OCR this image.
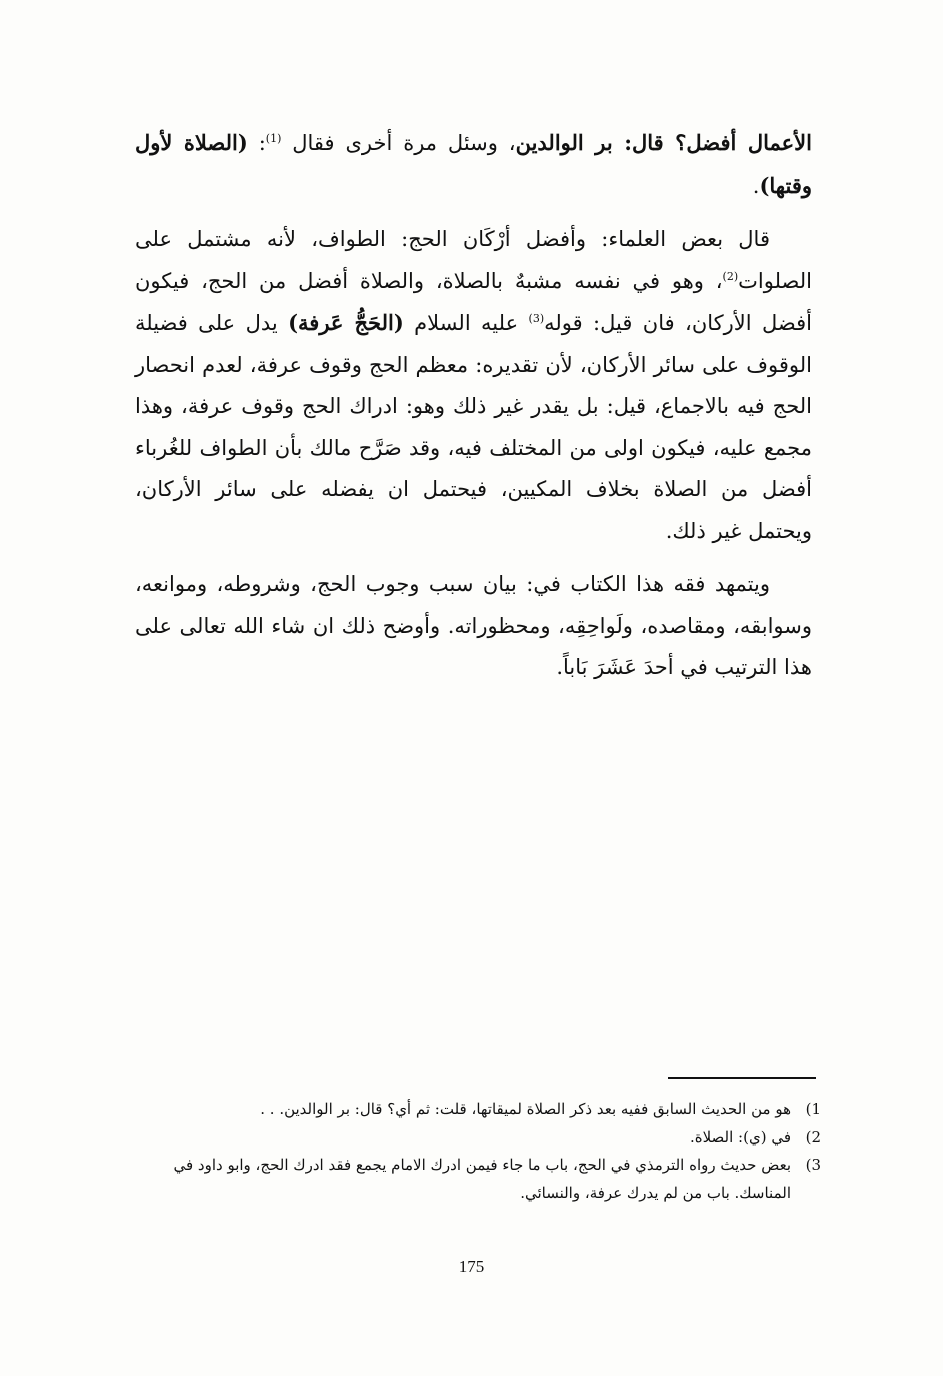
الأعمال أفضل؟ قال: بر الوالدين، وسئل مرة أخرى فقال $^{(1)}$: (الصلاة لأول وقتها).

قال بعض العلماء: وأفضل أرْكَان الحج: الطواف، لأنه مشتمل على الصلوات$^{(2)}$، وهو في نفسه مشبهٌ بالصلاة، والصلاة أفضل من الحج، فيكون أفضل الأركان، فان قيل: قوله$^{(3)}$ عليه السلام (الحَجُّ عَرفة) يدل على فضيلة الوقوف على سائر الأركان، لأن تقديره: معظم الحج وقوف عرفة، لعدم انحصار الحج فيه بالاجماع، قيل: بل يقدر غير ذلك وهو: ادراك الحج وقوف عرفة، وهذا مجمع عليه، فيكون اولى من المختلف فيه، وقد صَرَّح مالك بأن الطواف للغُرباء أفضل من الصلاة بخلاف المكيين، فيحتمل ان يفضله على سائر الأركان، ويحتمل غير ذلك.

ويتمهد فقه هذا الكتاب في: بيان سبب وجوب الحج، وشروطه، وموانعه، وسوابقه، ومقاصده، ولَواحِقِه، ومحظوراته. وأوضح ذلك ان شاء الله تعالى على هذا الترتيب في أحدَ عَشَرَ بَاباً.

1)
هو من الحديث السابق ففيه بعد ذكر الصلاة لميقاتها، قلت: ثم أي؟ قال: بر الوالدين. . .
2)
في (ي): الصلاة.
3)
بعض حديث رواه الترمذي في الحج، باب ما جاء فيمن ادرك الامام يجمع فقد ادرك الحج، وابو داود في المناسك. باب من لم يدرك عرفة، والنسائي.
175
